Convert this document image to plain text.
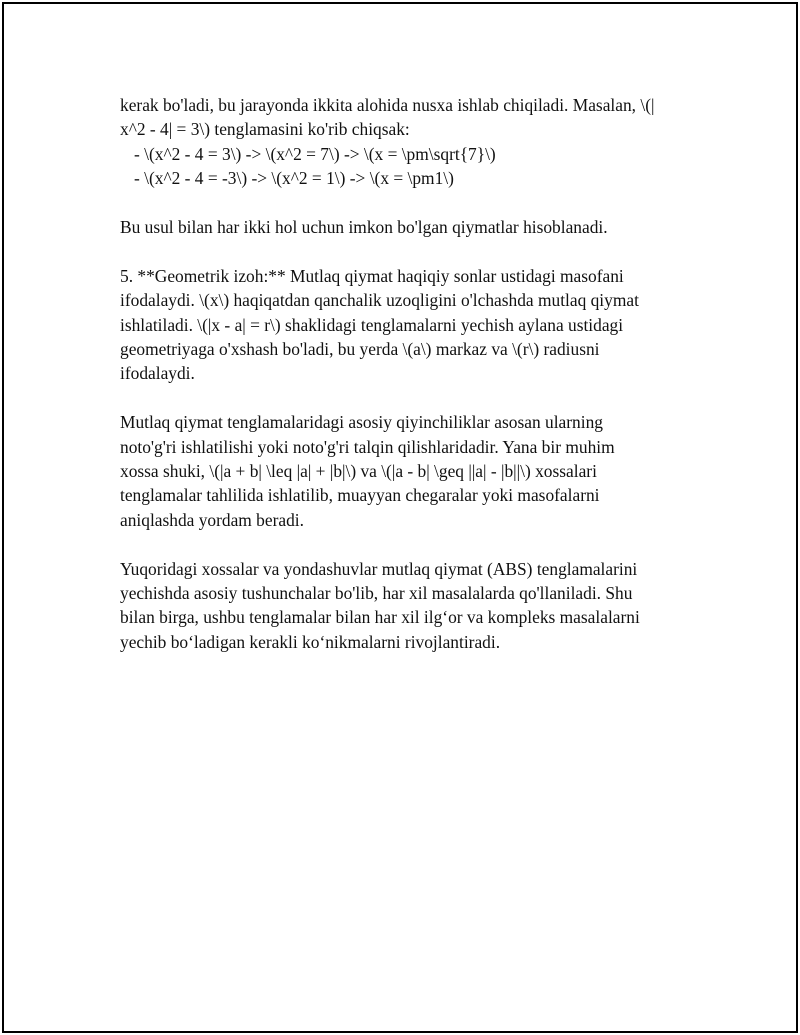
kerak bo'ladi, bu jarayonda ikkita alohida nusxa ishlab chiqiladi. Masalan, \(|
x^2 - 4| = 3\) tenglamasini ko'rib chiqsak:
- \(x^2 - 4 = 3\) -> \(x^2 = 7\) -> \(x = \pm\sqrt{7}\)
- \(x^2 - 4 = -3\) -> \(x^2 = 1\) -> \(x = \pm1\)

Bu usul bilan har ikki hol uchun imkon bo'lgan qiymatlar hisoblanadi.

5. **Geometrik izoh:** Mutlaq qiymat haqiqiy sonlar ustidagi masofani
ifodalaydi. \(x\) haqiqatdan qanchalik uzoqligini o'lchashda mutlaq qiymat
ishlatiladi. \(|x - a| = r\) shaklidagi tenglamalarni yechish aylana ustidagi
geometriyaga o'xshash bo'ladi, bu yerda \(a\) markaz va \(r\) radiusni
ifodalaydi.

Mutlaq qiymat tenglamalaridagi asosiy qiyinchiliklar asosan ularning
noto'g'ri ishlatilishi yoki noto'g'ri talqin qilishlaridadir. Yana bir muhim
xossa shuki, \(|a + b| \leq |a| + |b|\) va \(|a - b| \geq ||a| - |b||\) xossalari
tenglamalar tahlilida ishlatilib, muayyan chegaralar yoki masofalarni
aniqlashda yordam beradi.

Yuqoridagi xossalar va yondashuvlar mutlaq qiymat (ABS) tenglamalarini
yechishda asosiy tushunchalar bo'lib, har xil masalalarda qo'llaniladi. Shu
bilan birga, ushbu tenglamalar bilan har xil ilg‘or va kompleks masalalarni
yechib bo‘ladigan kerakli ko‘nikmalarni rivojlantiradi.
